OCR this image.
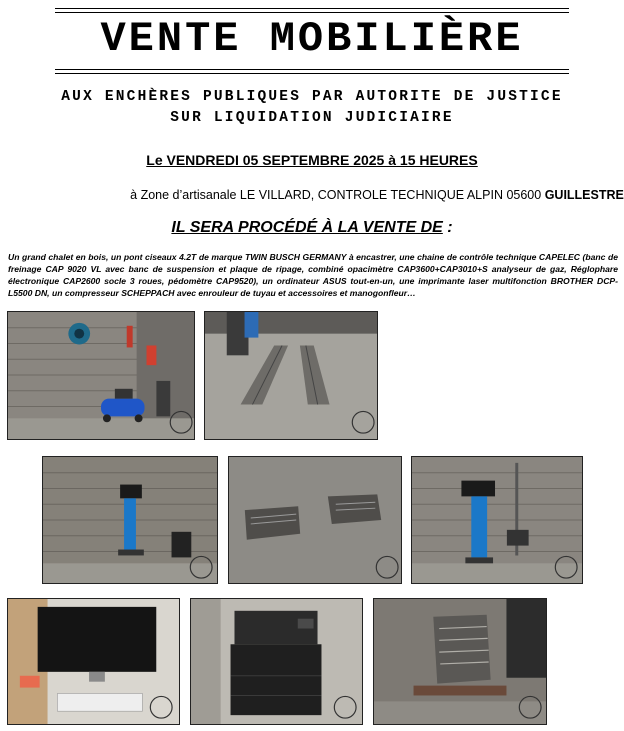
VENTE MOBILIÈRE
AUX ENCHÈRES PUBLIQUES PAR AUTORITE DE JUSTICE
SUR LIQUIDATION JUDICIAIRE
Le VENDREDI 05 SEPTEMBRE 2025 à 15 HEURES
à Zone d’artisanale LE VILLARD, CONTROLE TECHNIQUE ALPIN 05600 GUILLESTRE
IL SERA PROCÉDÉ À LA VENTE DE :
Un grand chalet en bois, un pont ciseaux 4.2T de marque TWIN BUSCH GERMANY à encastrer, une chaine de contrôle technique CAPELEC (banc de freinage CAP 9020 VL avec banc de suspension et plaque de ripage, combiné opacimètre CAP3600+CAP3010+S analyseur de gaz, Réglophare électronique CAP2600 socle 3 roues, pédomètre CAP9520), un ordinateur ASUS tout-en-un, une imprimante laser multifonction BROTHER DCP-L5500 DN, un compresseur SCHEPPACH avec enrouleur de tuyau et accessoires et manogonfleur…
